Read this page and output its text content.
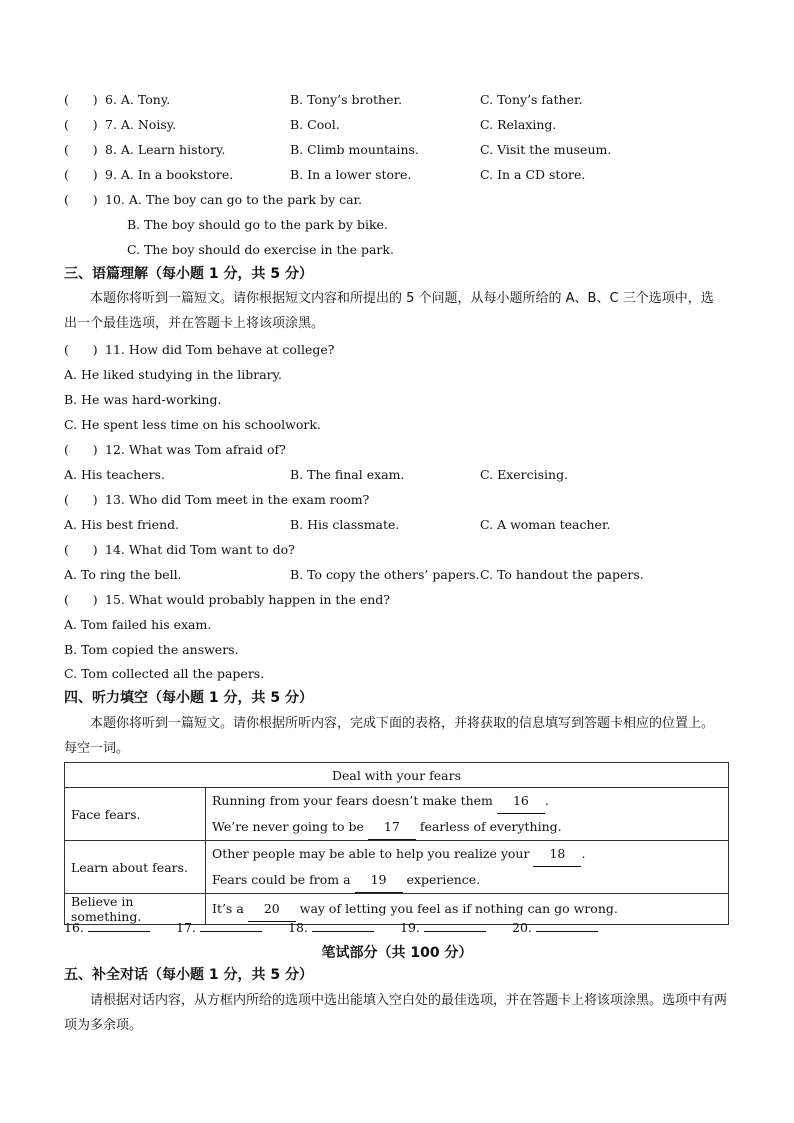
(      ) 6. A. Tony.	B. Tony’s brother.	C. Tony’s father.
(      ) 7. A. Noisy.	B. Cool.	C. Relaxing.
(      ) 8. A. Learn history.	B. Climb mountains.	C. Visit the museum.
(      ) 9. A. In a bookstore.	B. In a lower store.	C. In a CD store.
(      ) 10. A. The boy can go to the park by car.
B. The boy should go to the park by bike.
C. The boy should do exercise in the park.
三、语篇理解（每小题 1 分，共 5 分）
本题你将听到一篇短文。请你根据短文内容和所提出的 5 个问题，从每小题所给的 A、B、C 三个选项中，选出一个最佳选项，并在答题卡上将该项涂黑。
(      ) 11. How did Tom behave at college?
A. He liked studying in the library.
B. He was hard-working.
C. He spent less time on his schoolwork.
(      ) 12. What was Tom afraid of?
A. His teachers.	B. The final exam.	C. Exercising.
(      ) 13. Who did Tom meet in the exam room?
A. His best friend.	B. His classmate.	C. A woman teacher.
(      ) 14. What did Tom want to do?
A. To ring the bell.	B. To copy the others’ papers. C. To handout the papers.
(      ) 15. What would probably happen in the end?
A. Tom failed his exam.
B. Tom copied the answers.
C. Tom collected all the papers.
四、听力填空（每小题 1 分，共 5 分）
本题你将听到一篇短文。请你根据所听内容，完成下面的表格，并将获取的信息填写到答题卡相应的位置上。每空一词。
Deal with your fears	
Face fears.	Running from your fears doesn’t make them 16 .
We’re never going to be 17 fearless of everything.

Learn about fears.	Other people may be able to help you realize your 18 .
Fears could be from a 19 experience.

Believe in something.	It’s a 20 way of letting you feel as if nothing can go wrong.
16.	17.	18.	19.	20.
笔试部分（共 100 分）
五、补全对话（每小题 1 分，共 5 分）
请根据对话内容，从方框内所给的选项中选出能填入空白处的最佳选项，并在答题卡上将该项涂黑。选项中有两项为多余项。
